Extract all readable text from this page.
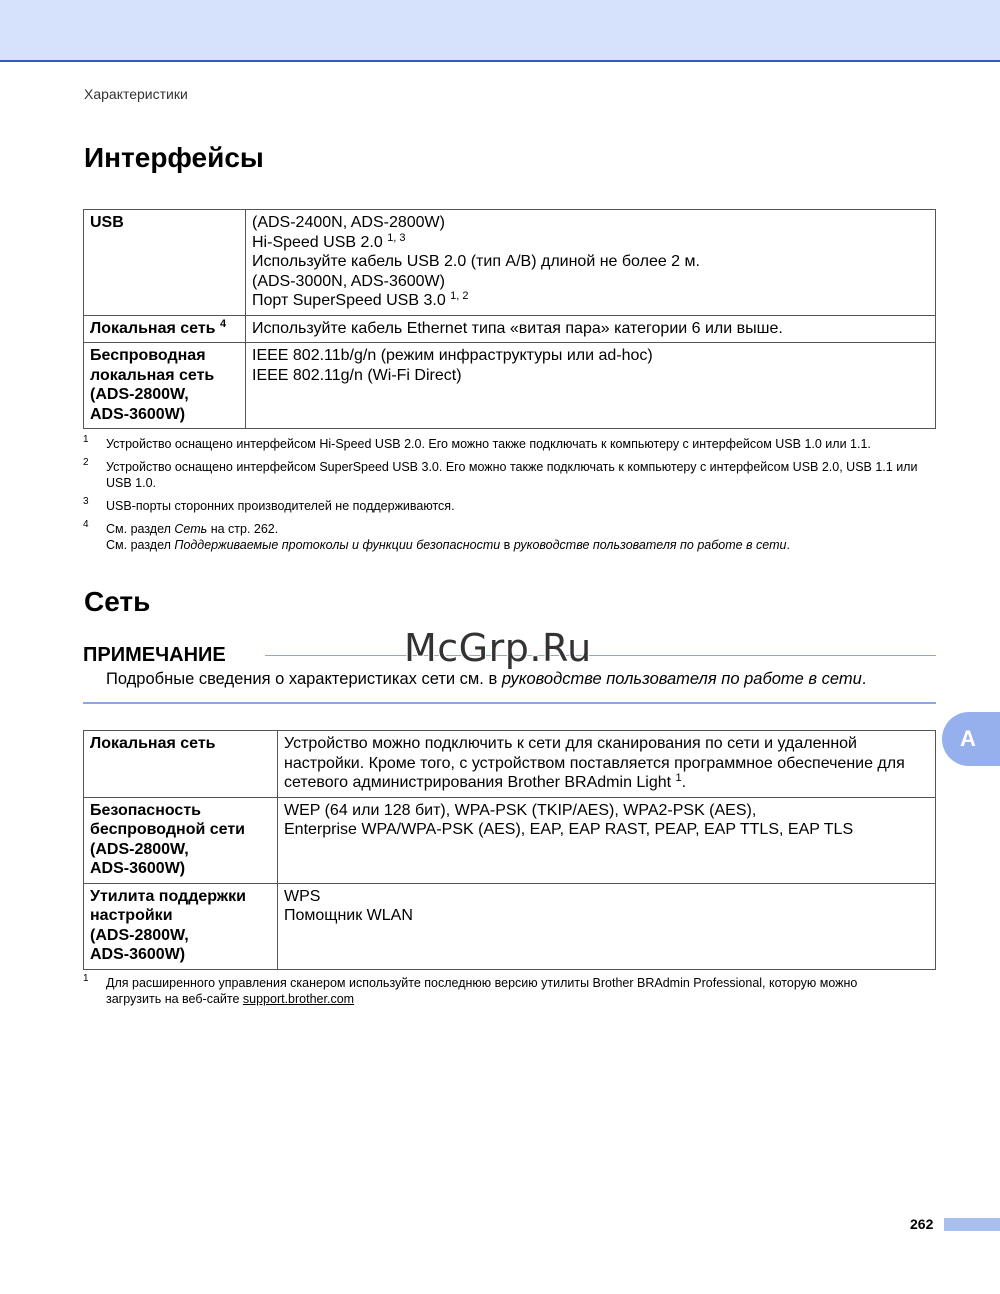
Характеристики
Интерфейсы
USB	(ADS-2400N, ADS-2800W)
Hi-Speed USB 2.0 $^{1, 3}$
Используйте кабель USB 2.0 (тип A/B) длиной не более 2 м.
(ADS-3000N, ADS-3600W)
Порт SuperSpeed USB 3.0 $^{1, 2}$

Локальная сеть $^4$	Используйте кабель Ethernet типа «витая пара» категории 6 или выше.

Беспроводная
локальная сеть
(ADS-2800W,
ADS-3600W)	IEEE 802.11b/g/n (режим инфраструктуры или ad-hoc)
IEEE 802.11g/n (Wi-Fi Direct)
1 Устройство оснащено интерфейсом Hi-Speed USB 2.0. Его можно также подключать к компьютеру с интерфейсом USB 1.0 или 1.1.
2 Устройство оснащено интерфейсом SuperSpeed USB 3.0. Его можно также подключать к компьютеру с интерфейсом USB 2.0, USB 1.1 или USB 1.0.
3 USB-порты сторонних производителей не поддерживаются.
4 См. раздел Сеть на стр. 262.
См. раздел Поддерживаемые протоколы и функции безопасности в руководстве пользователя по работе в сети.
Сеть
ПРИМЕЧАНИЕ
Подробные сведения о характеристиках сети см. в руководстве пользователя по работе в сети.
McGrp.Ru
A
Локальная сеть	Устройство можно подключить к сети для сканирования по сети и удаленной
настройки. Кроме того, с устройством поставляется программное обеспечение для
сетевого администрирования Brother BRAdmin Light $^1$.

Безопасность
беспроводной сети
(ADS-2800W,
ADS-3600W)	WEP (64 или 128 бит), WPA-PSK (TKIP/AES), WPA2-PSK (AES),
Enterprise WPA/WPA-PSK (AES), EAP, EAP RAST, PEAP, EAP TTLS, EAP TLS

Утилита поддержки
настройки
(ADS-2800W,
ADS-3600W)	WPS
Помощник WLAN
1 Для расширенного управления сканером используйте последнюю версию утилиты Brother BRAdmin Professional, которую можно
загрузить на веб-сайте support.brother.com
262
